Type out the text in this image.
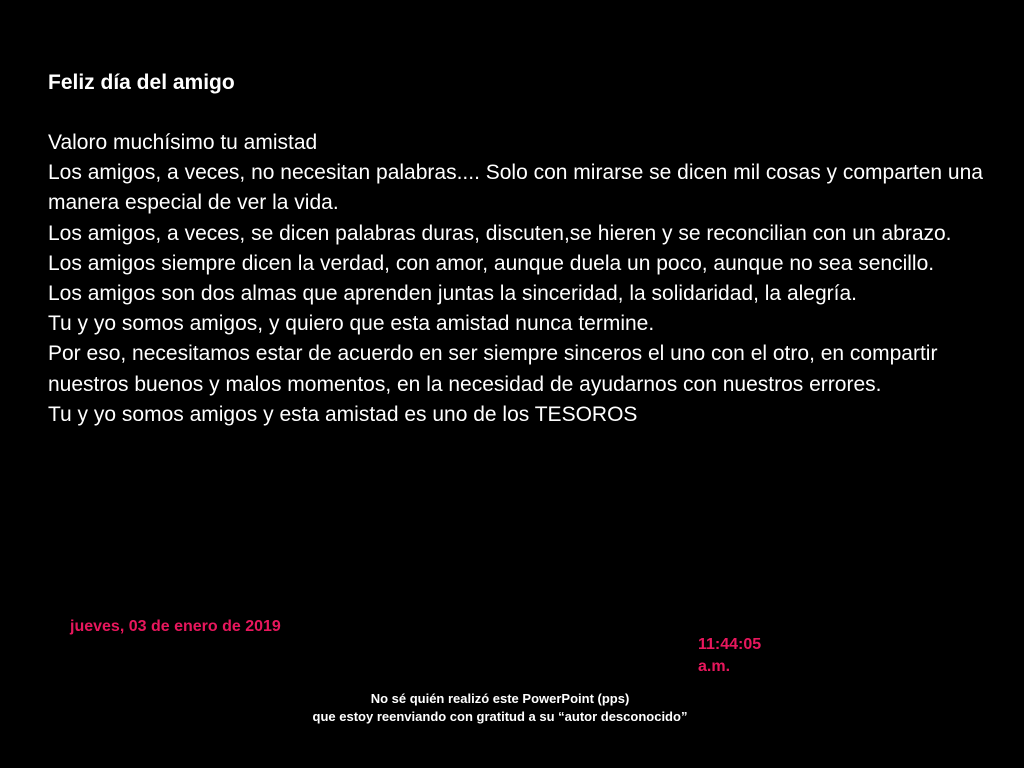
Feliz día del amigo

Valoro muchísimo tu amistad

Los amigos, a veces, no necesitan palabras.... Solo con mirarse se dicen mil cosas y comparten una manera especial de ver la vida.

Los amigos, a veces, se dicen palabras duras, discuten,se hieren y se reconcilian con un abrazo.

Los amigos siempre dicen la verdad, con amor, aunque duela un poco, aunque no sea sencillo.

Los amigos son dos almas que aprenden juntas la sinceridad, la solidaridad, la alegría.

Tu y yo somos amigos, y quiero que esta amistad nunca termine.

Por eso, necesitamos estar de acuerdo en ser siempre sinceros el uno con el otro, en compartir nuestros buenos y malos momentos, en la necesidad de ayudarnos con nuestros errores.

Tu y yo somos amigos y esta amistad es uno de los TESOROS

jueves, 03 de enero de 2019
11:44:05
a.m.
No sé quién realizó este PowerPoint (pps)
que estoy reenviando con gratitud a su “autor desconocido”
